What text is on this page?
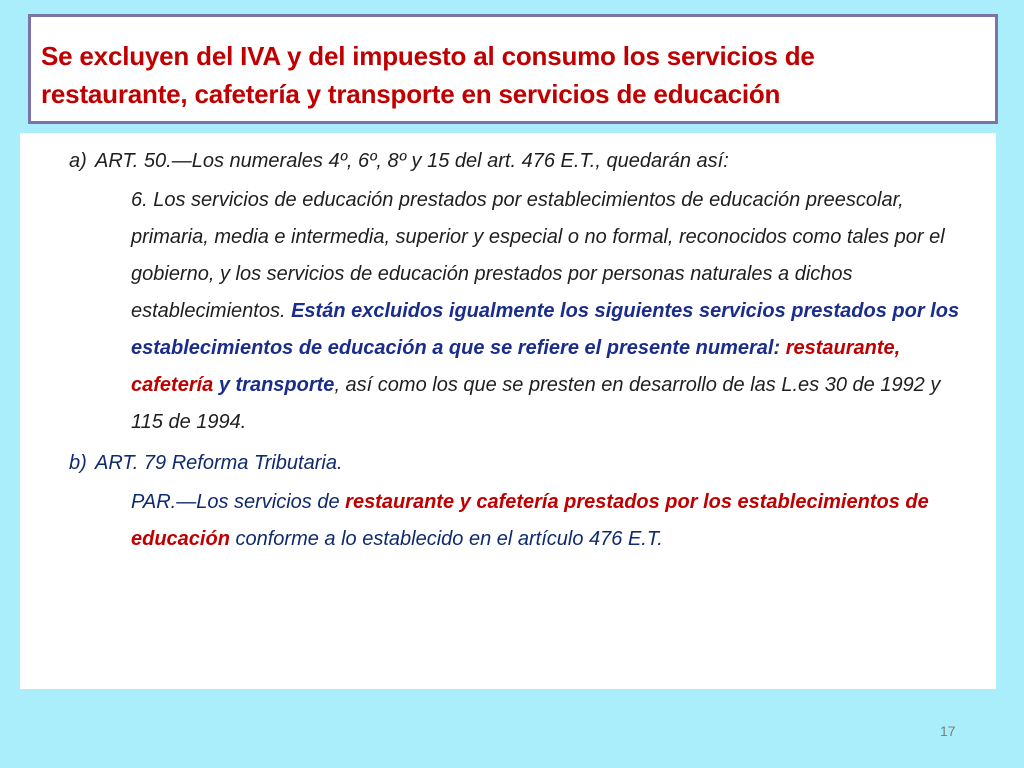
Se excluyen del IVA y del impuesto al consumo los servicios de
restaurante, cafetería y transporte en servicios de educación

a) ART. 50.—Los numerales 4º, 6º, 8º y 15 del art. 476 E.T., quedarán así:

6. Los servicios de educación prestados por establecimientos de educación preescolar, primaria, media e intermedia, superior y especial o no formal, reconocidos como tales por el gobierno, y los servicios de educación prestados por personas naturales a dichos establecimientos. Están excluidos igualmente los siguientes servicios prestados por los establecimientos de educación a que se refiere el presente numeral: restaurante, cafetería y transporte, así como los que se presten en desarrollo de las L.es 30 de 1992 y 115 de 1994.

b) ART. 79 Reforma Tributaria.

PAR.—Los servicios de restaurante y cafetería prestados por los establecimientos de educación conforme a lo establecido en el artículo 476 E.T.

17
